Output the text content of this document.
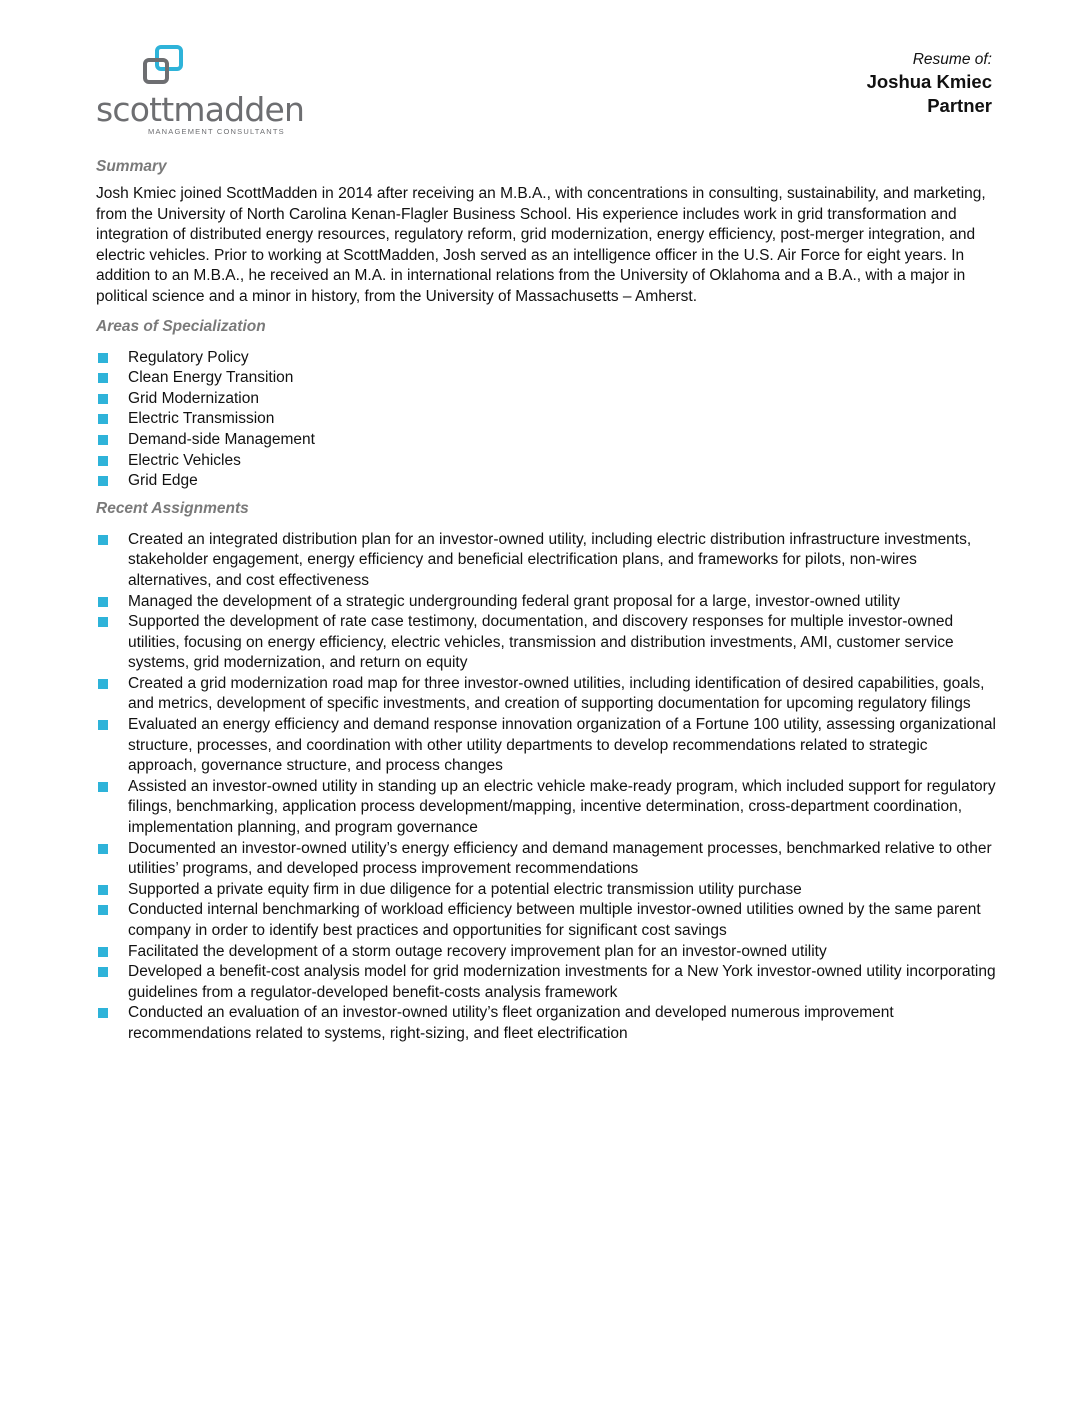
scottmadden
MANAGEMENT CONSULTANTS
Resume of:
Joshua Kmiec
Partner
Summary

Josh Kmiec joined ScottMadden in 2014 after receiving an M.B.A., with concentrations in consulting, sustainability, and marketing, from the University of North Carolina Kenan-Flagler Business School. His experience includes work in grid transformation and integration of distributed energy resources, regulatory reform, grid modernization, energy efficiency, post-merger integration, and electric vehicles. Prior to working at ScottMadden, Josh served as an intelligence officer in the U.S. Air Force for eight years. In addition to an M.B.A., he received an M.A. in international relations from the University of Oklahoma and a B.A., with a major in political science and a minor in history, from the University of Massachusetts – Amherst.

Areas of Specialization
Regulatory Policy
Clean Energy Transition
Grid Modernization
Electric Transmission
Demand-side Management
Electric Vehicles
Grid Edge
Recent Assignments
Created an integrated distribution plan for an investor-owned utility, including electric distribution infrastructure investments, stakeholder engagement, energy efficiency and beneficial electrification plans, and frameworks for pilots, non-wires alternatives, and cost effectiveness
Managed the development of a strategic undergrounding federal grant proposal for a large, investor-owned utility
Supported the development of rate case testimony, documentation, and discovery responses for multiple investor-owned utilities, focusing on energy efficiency, electric vehicles, transmission and distribution investments, AMI, customer service systems, grid modernization, and return on equity
Created a grid modernization road map for three investor-owned utilities, including identification of desired capabilities, goals, and metrics, development of specific investments, and creation of supporting documentation for upcoming regulatory filings
Evaluated an energy efficiency and demand response innovation organization of a Fortune 100 utility, assessing organizational structure, processes, and coordination with other utility departments to develop recommendations related to strategic approach, governance structure, and process changes
Assisted an investor-owned utility in standing up an electric vehicle make-ready program, which included support for regulatory filings, benchmarking, application process development/mapping, incentive determination, cross-department coordination, implementation planning, and program governance
Documented an investor-owned utility’s energy efficiency and demand management processes, benchmarked relative to other utilities’ programs, and developed process improvement recommendations
Supported a private equity firm in due diligence for a potential electric transmission utility purchase
Conducted internal benchmarking of workload efficiency between multiple investor-owned utilities owned by the same parent company in order to identify best practices and opportunities for significant cost savings
Facilitated the development of a storm outage recovery improvement plan for an investor-owned utility
Developed a benefit-cost analysis model for grid modernization investments for a New York investor-owned utility incorporating guidelines from a regulator-developed benefit-costs analysis framework
Conducted an evaluation of an investor-owned utility’s fleet organization and developed numerous improvement recommendations related to systems, right-sizing, and fleet electrification
